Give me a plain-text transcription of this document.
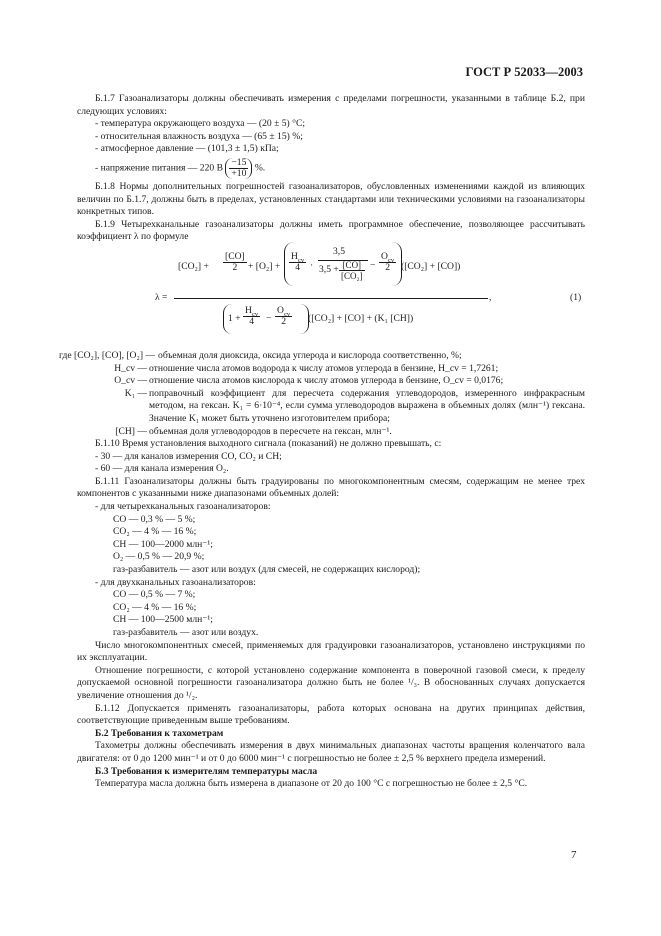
ГОСТ Р 52033—2003

Б.1.7 Газоанализаторы должны обеспечивать измерения с пределами погрешности, указанными в таблице Б.2, при следующих условиях:

- температура окружающего воздуха — (20 ± 5) °С;

- относительная влажность воздуха — (65 ± 15) %;

- атмосферное давление — (101,3 ± 1,5) кПа;

- напряжение питания — 220 В $\frac{-15}{+10}$ %.

Б.1.8 Нормы дополнительных погрешностей газоанализаторов, обусловленных изменениями каждой из влияющих величин по Б.1.7, должны быть в пределах, установленных стандартами или техническими условиями на газоанализаторы конкретных типов.

Б.1.9 Четырехканальные газоанализаторы должны иметь программное обеспечение, позволяющее рассчитывать коэффициент λ по формуле

λ =
$[CO_2] + \frac{[CO]}{2} + [O_2]$ +
$H_{cv}$
4	·
3,5
$3,5 + \frac{[CO]}{\text{[CO₂]}}$ −
$O_{cv}$
2	([CO₂] + [CO])
1 +
$H_{cv}$
4	−
$O_{cv}$
2	([CO₂] + [CO] + (K₁ [CH])
,	(1)
где [CO₂], [CO], [O₂] — объемная доля диоксида, оксида углерода и кислорода соответственно, %;
H_cv — отношение числа атомов водорода к числу атомов углерода в бензине, H_cv = 1,7261;
O_cv — отношение числа атомов кислорода к числу атомов углерода в бензине, O_cv = 0,0176;
K₁ — поправочный коэффициент для пересчета содержания углеводородов, измеренного инфракрасным методом, на гексан. K₁ = 6·10⁻⁴, если сумма углеводородов выражена в объемных долях (млн⁻¹) гексана. Значение K₁ может быть уточнено изготовителем прибора;
[CH] — объемная доля углеводородов в пересчете на гексан, млн⁻¹.

Б.1.10 Время установления выходного сигнала (показаний) не должно превышать, с:

- 30 — для каналов измерения CO, CO₂ и CH;

- 60 — для канала измерения O₂.

Б.1.11 Газоанализаторы должны быть градуированы по многокомпонентным смесям, содержащим не менее трех компонентов с указанными ниже диапазонами объемных долей:

- для четырехканальных газоанализаторов:

CO — 0,3 % — 5 %;

CO₂ — 4 % — 16 %;

CH — 100—2000 млн⁻¹;

O₂ — 0,5 % — 20,9 %;

газ-разбавитель — азот или воздух (для смесей, не содержащих кислород);

- для двухканальных газоанализаторов:

CO — 0,5 % — 7 %;

CO₂ — 4 % — 16 %;

CH — 100—2500 млн⁻¹;

газ-разбавитель — азот или воздух.

Число многокомпонентных смесей, применяемых для градуировки газоанализаторов, установлено инструкциями по их эксплуатации.

Отношение погрешности, с которой установлено содержание компонента в поверочной газовой смеси, к пределу допускаемой основной погрешности газоанализатора должно быть не более ¹/₃. В обоснованных случаях допускается увеличение отношения до ¹/₂.

Б.1.12 Допускается применять газоанализаторы, работа которых основана на других принципах действия, соответствующие приведенным выше требованиям.

Б.2 Требования к тахометрам

Тахометры должны обеспечивать измерения в двух минимальных диапазонах частоты вращения коленчатого вала двигателя: от 0 до 1200 мин⁻¹ и от 0 до 6000 мин⁻¹ с погрешностью не более ± 2,5 % верхнего предела измерений.

Б.3 Требования к измерителям температуры масла

Температура масла должна быть измерена в диапазоне от 20 до 100 °С с погрешностью не более ± 2,5 °С.

7
